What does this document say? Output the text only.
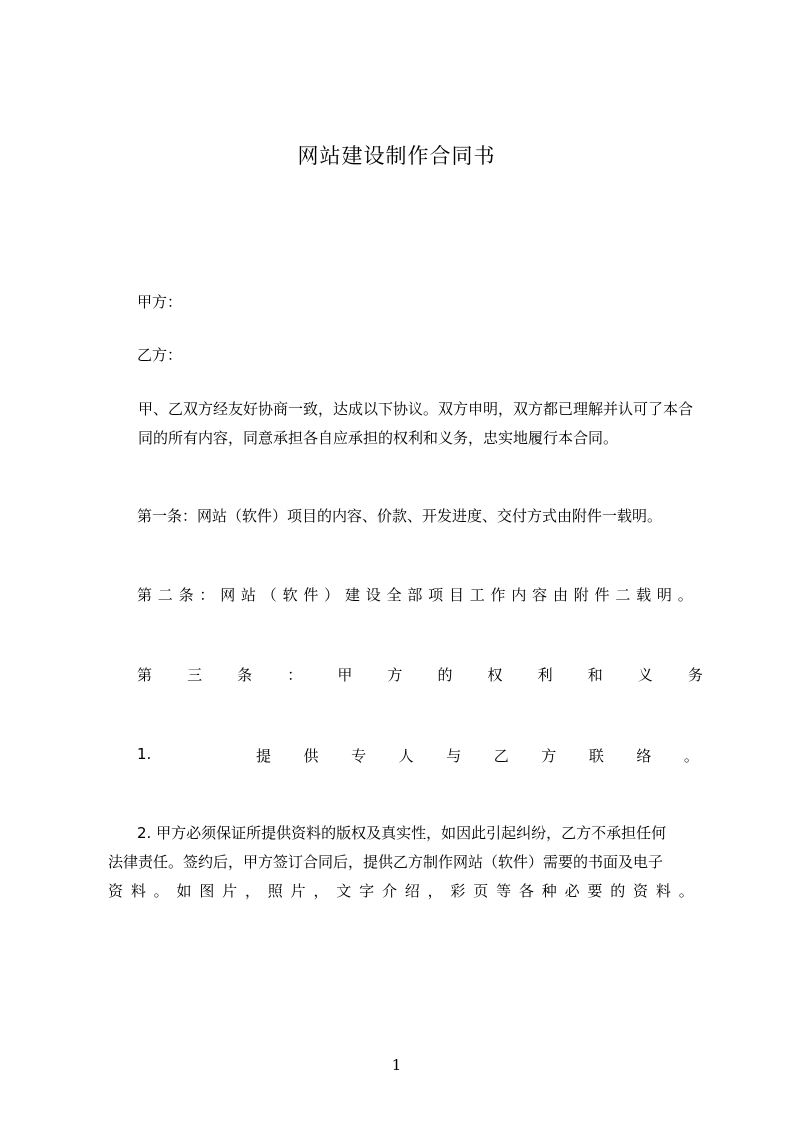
网站建设制作合同书
甲方：
乙方：
甲、乙双方经友好协商一致，达成以下协议。双方申明，双方都已理解并认可了本合同的所有内容，同意承担各自应承担的权利和义务，忠实地履行本合同。
第一条：网站（软件）项目的内容、价款、开发进度、交付方式由附件一载明。
第 二 条 ： 网 站 （ 软 件 ） 建 设 全 部 项 目 工 作 内 容 由 附 件 二 载 明 。
第 三 条 ： 甲 方 的 权 利 和 义 务
1.	提 供 专 人 与 乙 方 联 络 。
2. 甲方必须保证所提供资料的版权及真实性，如因此引起纠纷，乙方不承担任何
法律责任。签约后，甲方签订合同后，提供乙方制作网站（软件）需要的书面及电子
资 料 。 如 图 片 ， 照 片 ， 文 字 介 绍 ， 彩 页 等 各 种 必 要 的 资 料 。
1
